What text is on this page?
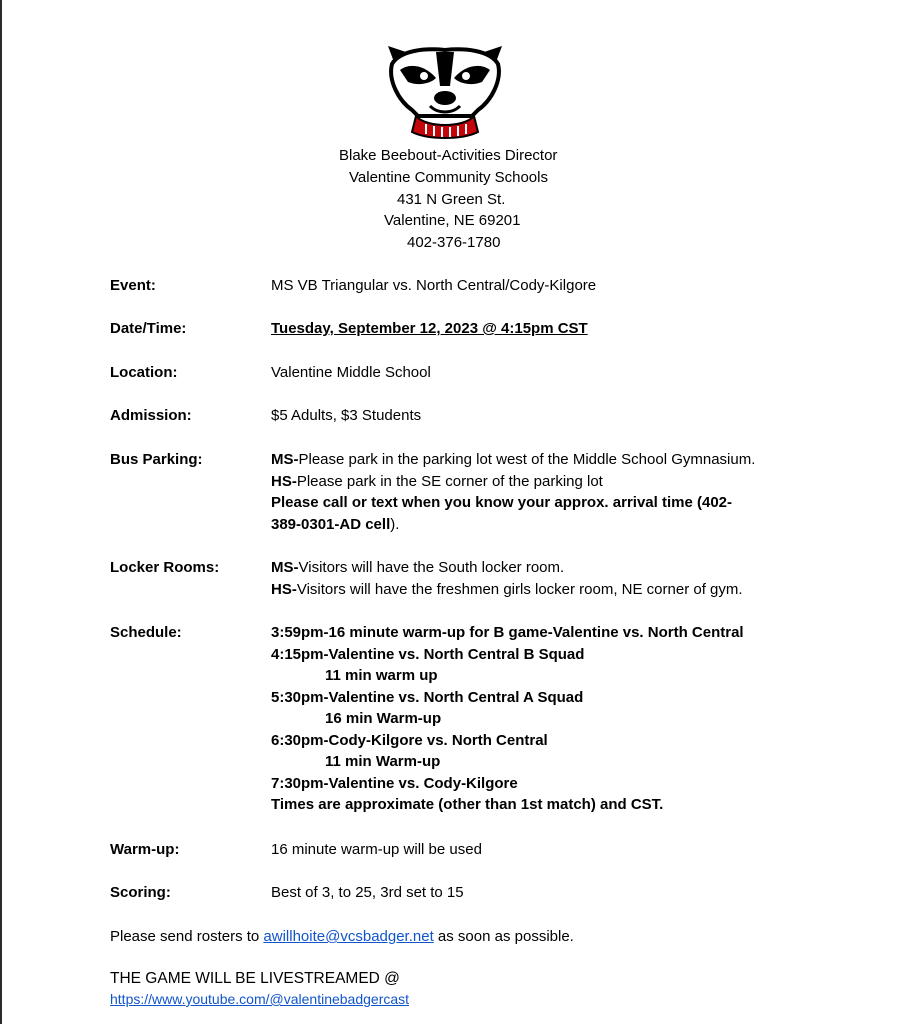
Blake Beebout-Activities Director
Valentine Community Schools
431 N Green St.
Valentine, NE 69201
402-376-1780
Event:	MS VB Triangular vs. North Central/Cody-Kilgore
Date/Time:	Tuesday, September 12, 2023 @ 4:15pm CST
Location:	Valentine Middle School
Admission:	$5 Adults, $3 Students
Bus Parking:	MS-Please park in the parking lot west of the Middle School Gymnasium.

HS-Please park in the SE corner of the parking lot

Please call or text when you know your approx. arrival time (402-

389-0301-AD cell).

Locker Rooms:	MS-Visitors will have the South locker room.

HS-Visitors will have the freshmen girls locker room, NE corner of gym.

Schedule:	3:59pm-16 minute warm-up for B game-Valentine vs. North Central

4:15pm-Valentine vs. North Central B Squad

11 min warm up

5:30pm-Valentine vs. North Central A Squad

16 min Warm-up

6:30pm-Cody-Kilgore vs. North Central

11 min Warm-up

7:30pm-Valentine vs. Cody-Kilgore

Times are approximate (other than 1st match) and CST.

Warm-up:	16 minute warm-up will be used
Scoring:	Best of 3, to 25, 3rd set to 15
Please send rosters to awillhoite@vcsbadger.net as soon as possible.
THE GAME WILL BE LIVESTREAMED @
https://www.youtube.com/@valentinebadgercast
